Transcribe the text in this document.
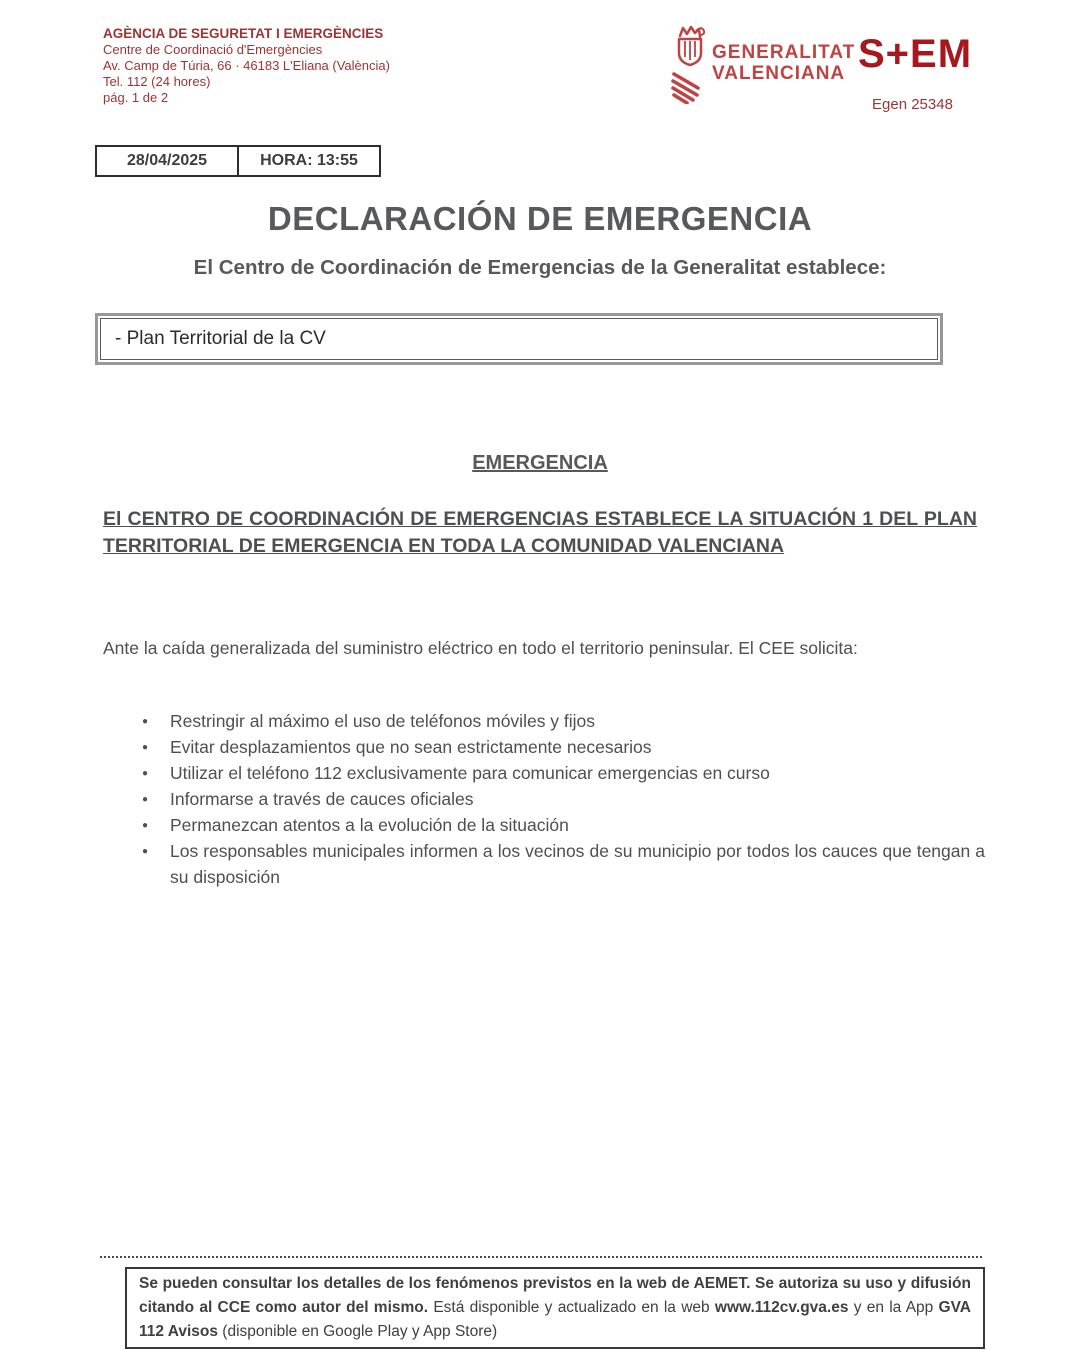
AGÈNCIA DE SEGURETAT I EMERGÈNCIES
Centre de Coordinació d'Emergències
Av. Camp de Túria, 66 · 46183 L'Eliana (València)
Tel. 112 (24 hores)
pág. 1 de 2
GENERALITAT
VALENCIANA S+EM
Egen 25348
28/04/2025	HORA: 13:55
DECLARACIÓN DE EMERGENCIA
El Centro de Coordinación de Emergencias de la Generalitat establece:
- Plan Territorial de la CV
EMERGENCIA
El CENTRO DE COORDINACIÓN DE EMERGENCIAS ESTABLECE LA SITUACIÓN 1 DEL PLAN
TERRITORIAL DE EMERGENCIA EN TODA LA COMUNIDAD VALENCIANA
Ante la caída generalizada del suministro eléctrico en todo el territorio peninsular. El CEE solicita:
● Restringir al máximo el uso de teléfonos móviles y fijos
● Evitar desplazamientos que no sean estrictamente necesarios
● Utilizar el teléfono 112 exclusivamente para comunicar emergencias en curso
● Informarse a través de cauces oficiales
● Permanezcan atentos a la evolución de la situación
● Los responsables municipales informen a los vecinos de su municipio por todos los cauces que tengan a su disposición
Se pueden consultar los detalles de los fenómenos previstos en la web de AEMET. Se autoriza su uso y difusión citando al CCE como autor del mismo. Está disponible y actualizado en la web www.112cv.gva.es y en la App GVA 112 Avisos (disponible en Google Play y App Store)
